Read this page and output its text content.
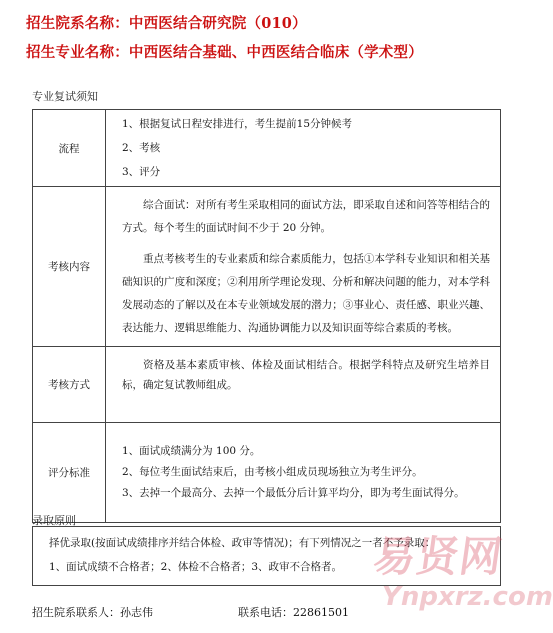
招生院系名称：中西医结合研究院（010）
招生专业名称：中西医结合基础、中西医结合临床（学术型）
专业复试须知
流程	1、根据复试日程安排进行，考生提前15分钟候考

2、考核

3、评分

考核内容	综合面试：对所有考生采取相同的面试方法，即采取自述和问答等相结合的方式。每个考生的面试时间不少于 20 分钟。

重点考核考生的专业素质和综合素质能力，包括①本学科专业知识和相关基础知识的广度和深度；②利用所学理论发现、分析和解决问题的能力，对本学科发展动态的了解以及在本专业领域发展的潜力；③事业心、责任感、职业兴趣、表达能力、逻辑思维能力、沟通协调能力以及知识面等综合素质的考核。

考核方式	资格及基本素质审核、体检及面试相结合。根据学科特点及研究生培养目标，确定复试教师组成。

评分标准	1、面试成绩满分为 100 分。

2、每位考生面试结束后，由考核小组成员现场独立为考生评分。

3、去掉一个最高分、去掉一个最低分后计算平均分，即为考生面试得分。

录取原则
择优录取(按面试成绩排序并结合体检、政审等情况)；有下列情况之一者不予录取：
1、面试成绩不合格者；2、体检不合格者；3、政审不合格者。
招生院系联系人：孙志伟	联系电话：22861501
易贤网
Ynpxrz.com
